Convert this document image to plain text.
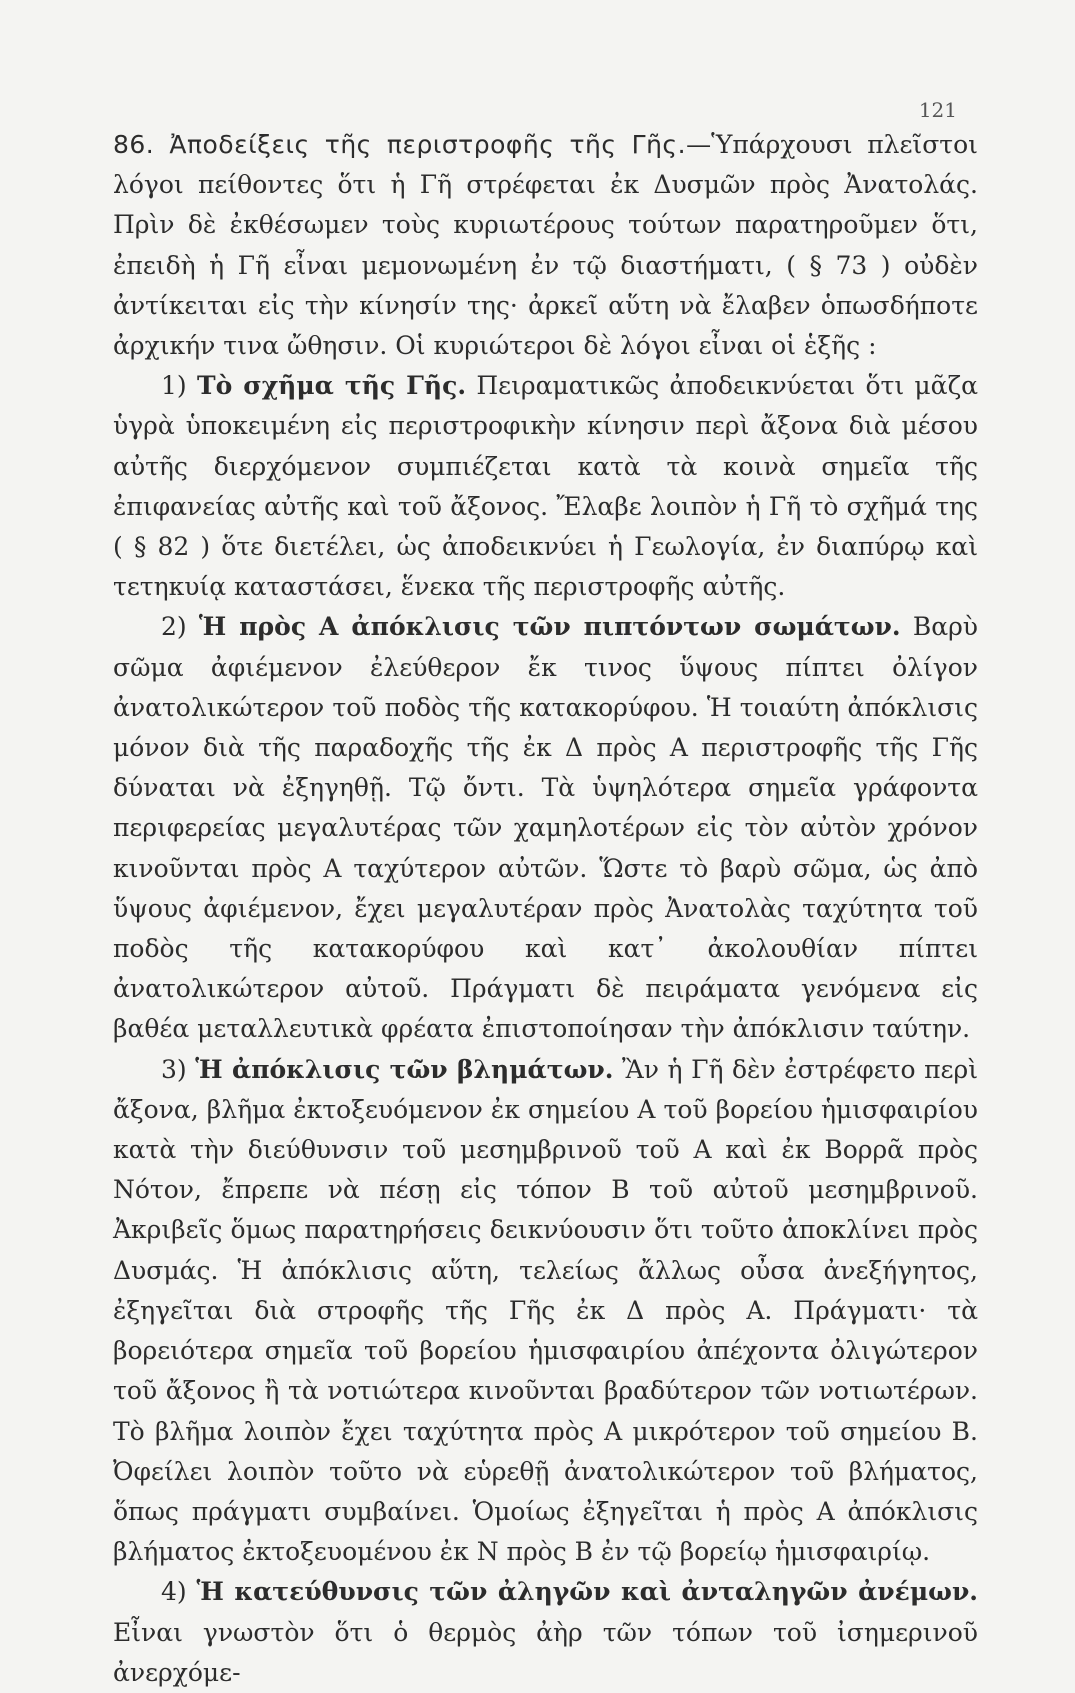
121

86. Ἀποδείξεις τῆς περιστροφῆς τῆς Γῆς.—Ὑπάρχουσι πλεῖστοι λόγοι πείθοντες ὅτι ἡ Γῆ στρέφεται ἐκ Δυσμῶν πρὸς Ἀνατολάς. Πρὶν δὲ ἐκθέσωμεν τοὺς κυριωτέρους τούτων παρατηροῦμεν ὅτι, ἐπειδὴ ἡ Γῆ εἶναι μεμονωμένη ἐν τῷ διαστήματι, ( § 73 ) οὐδὲν ἀντίκειται εἰς τὴν κίνησίν της· ἀρκεῖ αὕτη νὰ ἔλαβεν ὁπωσδήποτε ἀρχικήν τινα ὤθησιν. Οἱ κυριώτεροι δὲ λόγοι εἶναι οἱ ἑξῆς :

1) Τὸ σχῆμα τῆς Γῆς. Πειραματικῶς ἀποδεικνύεται ὅτι μᾶζα ὑγρὰ ὑποκειμένη εἰς περιστροφικὴν κίνησιν περὶ ἄξονα διὰ μέσου αὐτῆς διερχόμενον συμπιέζεται κατὰ τὰ κοινὰ σημεῖα τῆς ἐπιφανείας αὐτῆς καὶ τοῦ ἄξονος. Ἔλαβε λοιπὸν ἡ Γῆ τὸ σχῆμά της ( § 82 ) ὅτε διετέλει, ὡς ἀποδεικνύει ἡ Γεωλογία, ἐν διαπύρῳ καὶ τετηκυίᾳ καταστάσει, ἕνεκα τῆς περιστροφῆς αὐτῆς.

2) Ἡ πρὸς Α ἀπόκλισις τῶν πιπτόντων σωμάτων. Βαρὺ σῶμα ἀφιέμενον ἐλεύθερον ἔκ τινος ὕψους πίπτει ὀλίγον ἀνατολικώτερον τοῦ ποδὸς τῆς κατακορύφου. Ἡ τοιαύτη ἀπόκλισις μόνον διὰ τῆς παραδοχῆς τῆς ἐκ Δ πρὸς Α περιστροφῆς τῆς Γῆς δύναται νὰ ἐξηγηθῇ. Τῷ ὄντι. Τὰ ὑψηλότερα σημεῖα γράφοντα περιφερείας μεγαλυτέρας τῶν χαμηλοτέρων εἰς τὸν αὐτὸν χρόνον κινοῦνται πρὸς Α ταχύτερον αὐτῶν. Ὥστε τὸ βαρὺ σῶμα, ὡς ἀπὸ ὕψους ἀφιέμενον, ἔχει μεγαλυτέραν πρὸς Ἀνατολὰς ταχύτητα τοῦ ποδὸς τῆς κατακορύφου καὶ κατ᾽ ἀκολουθίαν πίπτει ἀνατολικώτερον αὐτοῦ. Πράγματι δὲ πειράματα γενόμενα εἰς βαθέα μεταλλευτικὰ φρέατα ἐπιστοποίησαν τὴν ἀπόκλισιν ταύτην.

3) Ἡ ἀπόκλισις τῶν βλημάτων. Ἂν ἡ Γῆ δὲν ἐστρέφετο περὶ ἄξονα, βλῆμα ἐκτοξευόμενον ἐκ σημείου Α τοῦ βορείου ἡμισφαιρίου κατὰ τὴν διεύθυνσιν τοῦ μεσημβρινοῦ τοῦ Α καὶ ἐκ Βορρᾶ πρὸς Νότον, ἔπρεπε νὰ πέσῃ εἰς τόπον Β τοῦ αὐτοῦ μεσημβρινοῦ. Ἀκριβεῖς ὅμως παρατηρήσεις δεικνύουσιν ὅτι τοῦτο ἀποκλίνει πρὸς Δυσμάς. Ἡ ἀπόκλισις αὕτη, τελείως ἄλλως οὖσα ἀνεξήγητος, ἐξηγεῖται διὰ στροφῆς τῆς Γῆς ἐκ Δ πρὸς Α. Πράγματι· τὰ βορειότερα σημεῖα τοῦ βορείου ἡμισφαιρίου ἀπέχοντα ὀλιγώτερον τοῦ ἄξονος ἢ τὰ νοτιώτερα κινοῦνται βραδύτερον τῶν νοτιωτέρων. Τὸ βλῆμα λοιπὸν ἔχει ταχύτητα πρὸς Α μικρότερον τοῦ σημείου Β. Ὀφείλει λοιπὸν τοῦτο νὰ εὑρεθῇ ἀνατολικώτερον τοῦ βλήματος, ὅπως πράγματι συμβαίνει. Ὁμοίως ἐξηγεῖται ἡ πρὸς Α ἀπόκλισις βλήματος ἐκτοξευομένου ἐκ Ν πρὸς Β ἐν τῷ βορείῳ ἡμισφαιρίῳ.

4) Ἡ κατεύθυνσις τῶν ἀληγῶν καὶ ἀνταληγῶν ἀνέμων. Εἶναι γνωστὸν ὅτι ὁ θερμὸς ἀὴρ τῶν τόπων τοῦ ἰσημερινοῦ ἀνερχόμε-
